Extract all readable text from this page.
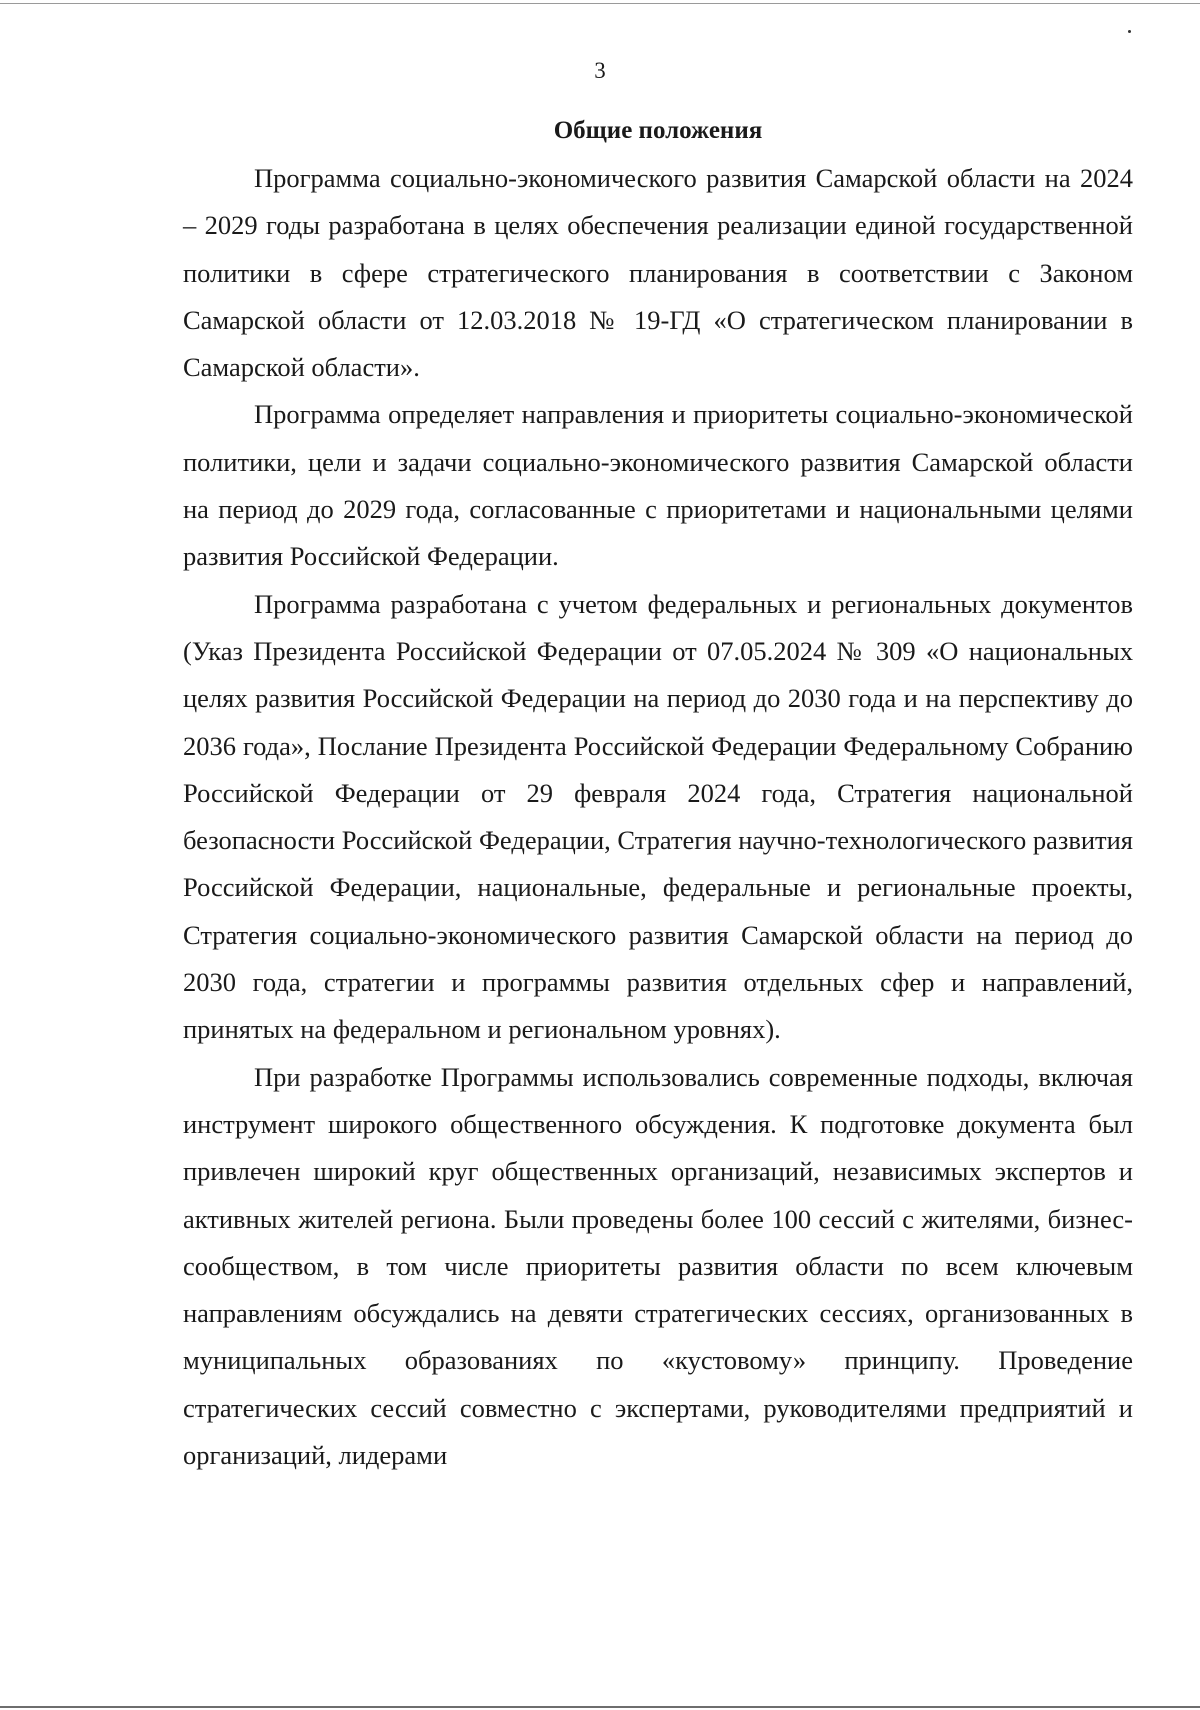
3
Общие положения

Программа социально-экономического развития Самарской области на 2024 – 2029 годы разработана в целях обеспечения реализации единой государственной политики в сфере стратегического планирования в соответствии с Законом Самарской области от 12.03.2018 № 19-ГД «О стратегическом планировании в Самарской области».

Программа определяет направления и приоритеты социально-экономической политики, цели и задачи социально-экономического развития Самарской области на период до 2029 года, согласованные с приоритетами и национальными целями развития Российской Федерации.

Программа разработана с учетом федеральных и региональных документов (Указ Президента Российской Федерации от 07.05.2024 № 309 «О национальных целях развития Российской Федерации на период до 2030 года и на перспективу до 2036 года», Послание Президента Российской Федерации Федеральному Собранию Российской Федерации от 29 февраля 2024 года, Стратегия национальной безопасности Российской Федерации, Стратегия научно-технологического развития Российской Федерации, национальные, федеральные и региональные проекты, Стратегия социально-экономического развития Самарской области на период до 2030 года, стратегии и программы развития отдельных сфер и направлений, принятых на федеральном и региональном уровнях).

При разработке Программы использовались современные подходы, включая инструмент широкого общественного обсуждения. К подготовке документа был привлечен широкий круг общественных организаций, независимых экспертов и активных жителей региона. Были проведены более 100 сессий с жителями, бизнес-сообществом, в том числе приоритеты развития области по всем ключевым направлениям обсуждались на девяти стратегических сессиях, организованных в муниципальных образованиях по «кустовому» принципу. Проведение стратегических сессий совместно с экспертами, руководителями предприятий и организаций, лидерами
